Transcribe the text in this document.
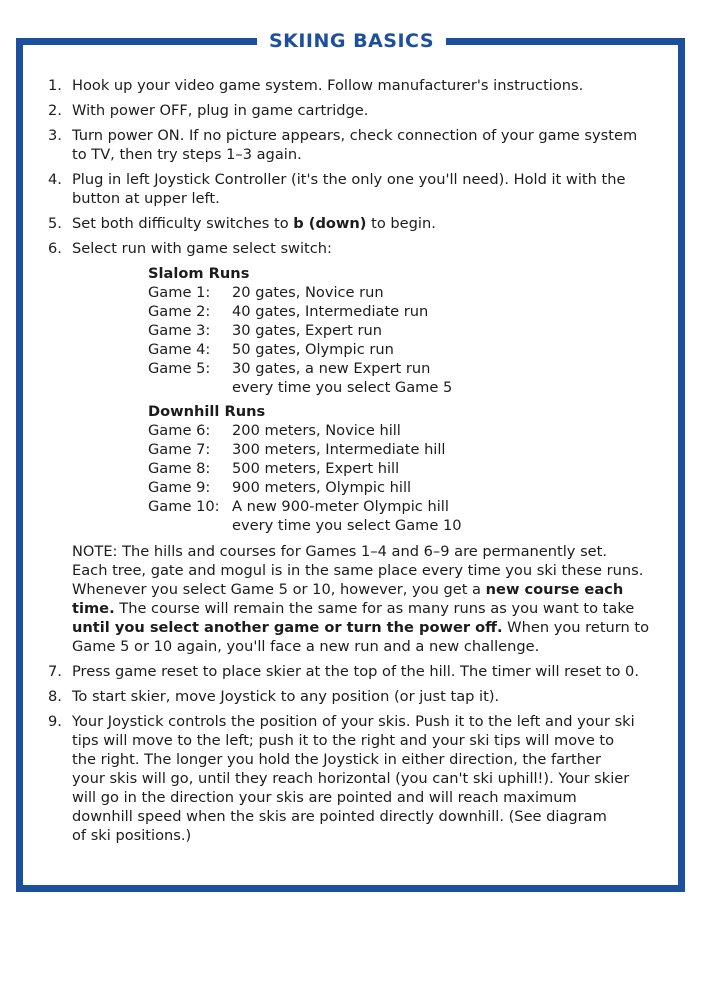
SKIING BASICS
1. Hook up your video game system. Follow manufacturer's instructions.
2. With power OFF, plug in game cartridge.
3. Turn power ON. If no picture appears, check connection of your game system
to TV, then try steps 1–3 again.
4. Plug in left Joystick Controller (it's the only one you'll need). Hold it with the
button at upper left.
5. Set both difficulty switches to b (down) to begin.
6. Select run with game select switch:
Slalom Runs
Game 1:	20 gates, Novice run
Game 2:	40 gates, Intermediate run
Game 3:	30 gates, Expert run
Game 4:	50 gates, Olympic run
Game 5:	30 gates, a new Expert run
every time you select Game 5
Downhill Runs
Game 6:	200 meters, Novice hill
Game 7:	300 meters, Intermediate hill
Game 8:	500 meters, Expert hill
Game 9:	900 meters, Olympic hill
Game 10: A new 900-meter Olympic hill
every time you select Game 10
NOTE: The hills and courses for Games 1–4 and 6–9 are permanently set.
Each tree, gate and mogul is in the same place every time you ski these runs.
Whenever you select Game 5 or 10, however, you get a new course each
time. The course will remain the same for as many runs as you want to take
until you select another game or turn the power off. When you return to
Game 5 or 10 again, you'll face a new run and a new challenge.
7. Press game reset to place skier at the top of the hill. The timer will reset to 0.
8. To start skier, move Joystick to any position (or just tap it).
9. Your Joystick controls the position of your skis. Push it to the left and your ski
tips will move to the left; push it to the right and your ski tips will move to
the right. The longer you hold the Joystick in either direction, the farther
your skis will go, until they reach horizontal (you can't ski uphill!). Your skier
will go in the direction your skis are pointed and will reach maximum
downhill speed when the skis are pointed directly downhill. (See diagram
of ski positions.)
